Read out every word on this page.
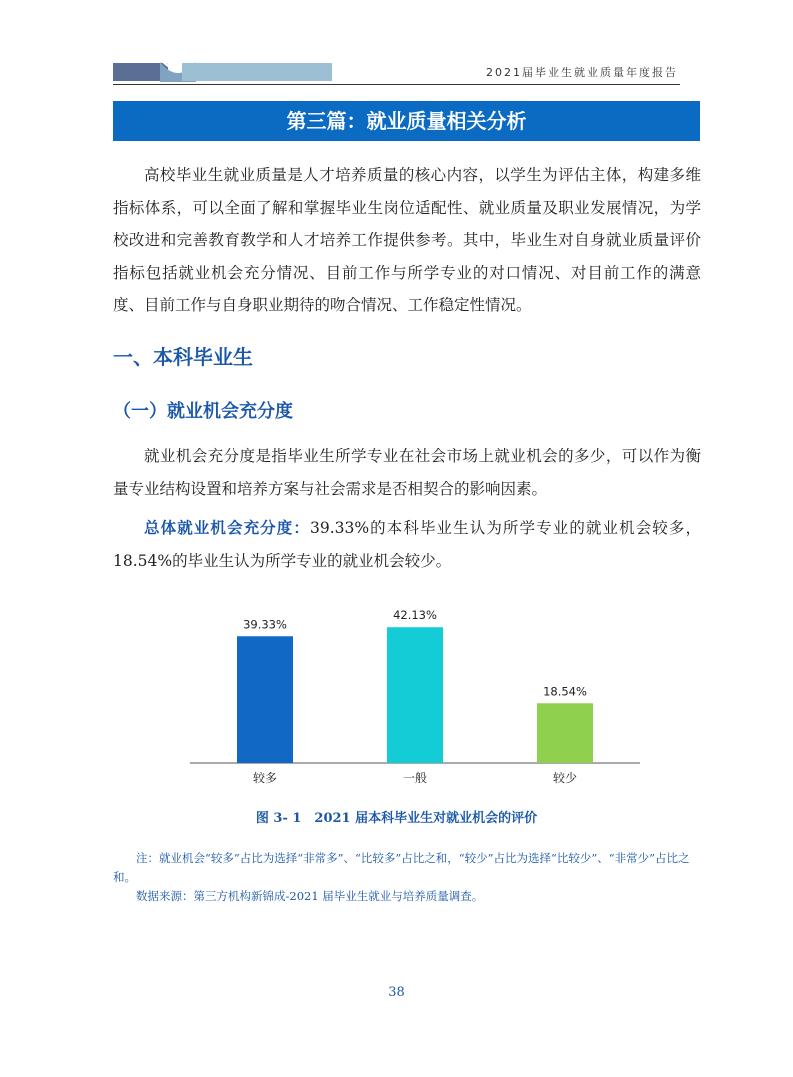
2021届毕业生就业质量年度报告
第三篇：就业质量相关分析

高校毕业生就业质量是人才培养质量的核心内容，以学生为评估主体，构建多维指标体系，可以全面了解和掌握毕业生岗位适配性、就业质量及职业发展情况，为学校改进和完善教育教学和人才培养工作提供参考。其中，毕业生对自身就业质量评价指标包括就业机会充分情况、目前工作与所学专业的对口情况、对目前工作的满意度、目前工作与自身职业期待的吻合情况、工作稳定性情况。

一、本科毕业生
（一）就业机会充分度

就业机会充分度是指毕业生所学专业在社会市场上就业机会的多少，可以作为衡量专业结构设置和培养方案与社会需求是否相契合的影响因素。

总体就业机会充分度：39.33%的本科毕业生认为所学专业的就业机会较多，18.54%的毕业生认为所学专业的就业机会较少。

39.33%
较多
42.13%
一般
18.54%
较少
图 3- 1　2021 届本科毕业生对就业机会的评价

注：就业机会“较多”占比为选择“非常多”、“比较多”占比之和，“较少”占比为选择“比较少”、“非常少”占比之和。

数据来源：第三方机构新锦成-2021 届毕业生就业与培养质量调查。

38
